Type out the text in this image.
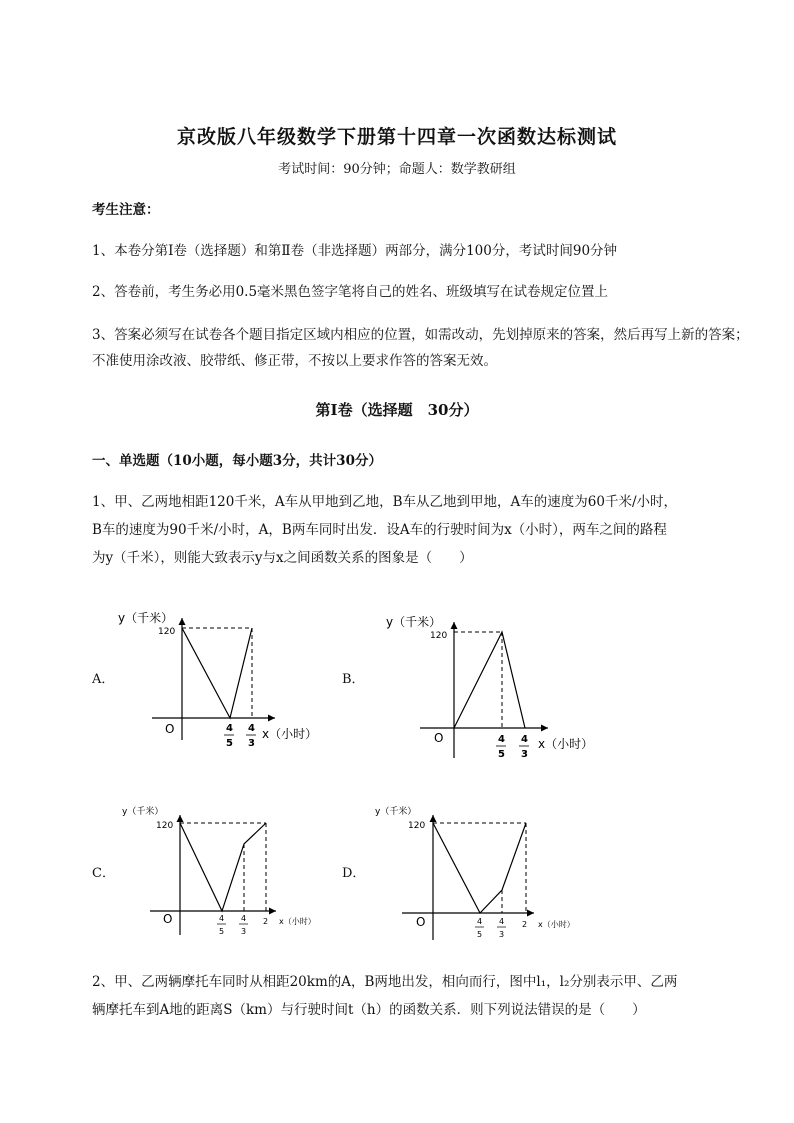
京改版八年级数学下册第十四章一次函数达标测试
考试时间：90分钟；命题人：数学教研组
考生注意：
1、本卷分第I卷（选择题）和第Ⅱ卷（非选择题）两部分，满分100分，考试时间90分钟
2、答卷前，考生务必用0.5毫米黑色签字笔将自己的姓名、班级填写在试卷规定位置上
3、答案必须写在试卷各个题目指定区域内相应的位置，如需改动，先划掉原来的答案，然后再写上新的答案；不准使用涂改液、胶带纸、修正带，不按以上要求作答的答案无效。
第I卷（选择题　30分）
一、单选题（10小题，每小题3分，共计30分）
1、甲、乙两地相距120千米，A车从甲地到乙地，B车从乙地到甲地，A车的速度为60千米/小时，
B车的速度为90千米/小时，A，B两车同时出发．设A车的行驶时间为x（小时），两车之间的路程
为y（千米），则能大致表示y与x之间函数关系的图象是（　　）
A．	B．
C．	D．
y（千米）
120
O	4
5
4
3
x（小时）
y（千米）
120
O	4
5
4
3
x（小时）
y（千米）
120
O	4
5
4
3
2 x（小时）
y（千米）
120
O	4
5
4
3
2 x（小时）
2、甲、乙两辆摩托车同时从相距20km的A，B两地出发，相向而行，图中l₁，l₂分别表示甲、乙两
辆摩托车到A地的距离S（km）与行驶时间t（h）的函数关系．则下列说法错误的是（　　）
